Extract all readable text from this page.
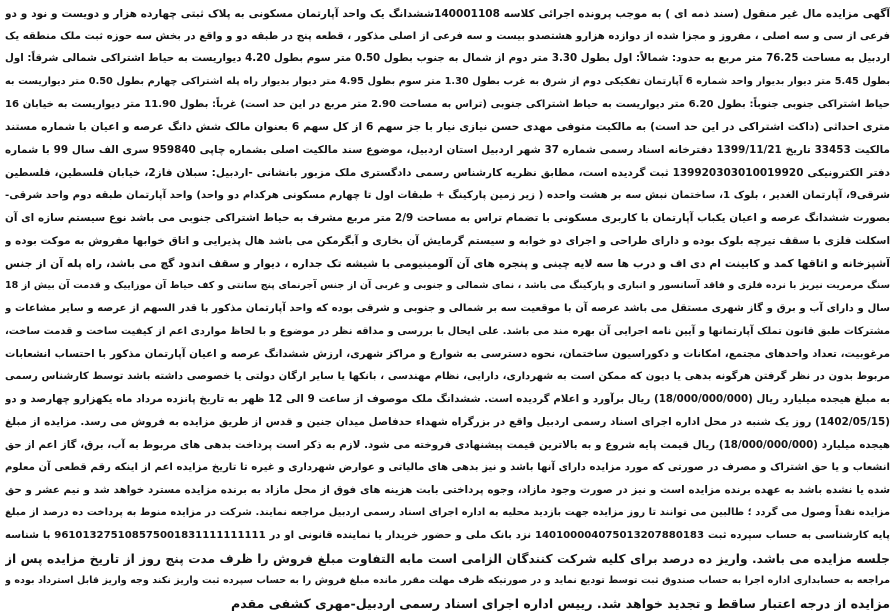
آگهی مزایده مال غیر منقول (سند ذمه ای ) به موجب پرونده اجرائی کلاسه 140001108ششدانگ یک واحد آپارتمان مسکونی به پلاک ثبتی چهارده هزار و دویست و نود و دو
فرعی از سی و سه اصلی ، مفروز و مجزا شده از دوازده هزارو هشتصدو بیست و سه فرعی از اصلی مذکور ، قطعه پنج در طبقه دو و واقع در بخش سه حوزه ثبت ملک منطقه یک
اردبیل به مساحت 76.25 متر مربع به حدود: شمالاً: اول بطول 3.30 متر دوم از شمال به جنوب بطول 0.50 متر سوم بطول 4.20 دیواریست به حیاط اشتراکی شمالی شرقاً: اول
بطول 5.45 متر دیوار بدیوار واحد شماره 6 آپارتمان تفکیکی دوم از شرق به غرب بطول 1.30 متر سوم بطول 4.95 متر دیوار بدیوار راه پله اشتراکی چهارم بطول 0.50 متر دیواریست به
حیاط اشتراکی جنوبی جنوباً: بطول 6.20 متر دیواریست به حیاط اشتراکی جنوبی (تراس به مساحت 2.90 متر مربع در این حد است) غرباً: بطول 11.90 متر دیواریست به خیابان 16
متری احداثی (داکت اشتراکی در این حد است) به مالکیت متوفی مهدی حسن نیازی نیار با جز سهم 6 از کل سهم 6 بعنوان مالک شش دانگ عرصه و اعیان با شماره مستند
مالکیت 33453 تاریخ 1399/11/21 دفترخانه اسناد رسمی شماره 37 شهر اردبیل استان اردبیل، موضوع سند مالکیت اصلی بشماره چاپی 959840 سری الف سال 99 با شماره
دفتر الکترونیکی 139920303010019920 ثبت گردیده است، مطابق نظریه کارشناس رسمی دادگستری ملک مزبور بانشانی -اردبیل: سبلان فاز2، خیابان فلسطین، فلسطین
شرقی9، آپارتمان الغدیر ، بلوک 1، ساختمان نبش سه بر هشت واحده ( زیر زمین پارکینگ + طبقات اول تا چهارم مسکونی هرکدام دو واحد) واحد آپارتمان طبقه دوم واحد شرقی-
بصورت ششدانگ عرصه و اعیان یکباب آپارتمان با کاربری مسکونی با تضمام تراس به مساحت 2/9 متر مربع مشرف به حیاط اشتراکی جنوبی می باشد نوع سیستم سازه ای آن
اسکلت فلزی با سقف تیرچه بلوک بوده و دارای طراحی و اجرای دو خوابه و سیستم گرمایش آن بخاری و آبگرمکن می باشد هال پذیرایی و اتاق خوابها مفروش به موکت بوده و
آشپزخانه و اتاقها کمد و کابینت ام دی اف و درب ها سه لایه چینی و پنجره های آن آلومینیومی با شیشه تک جداره ، دیوار و سقف اندود گچ می باشد، راه پله آن از جنس
سنگ مرمریت نیریز با نرده فلزی و فاقد آسانسور و انباری و پارکینگ می باشد ، نمای شمالی و جنوبی و غربی آن از جنس آجرنمای پنج سانتی و کف حیاط آن موزاییک و قدمت آن بیش از 18
سال و دارای آب و برق و گاز شهری مستقل می باشد عرصه آن با موقعیت سه بر شمالی و جنوبی و شرقی بوده که واحد آپارتمان مذکور با قدر السهم از عرصه و سایر مشاعات و
مشترکات طبق قانون تملک آپارتمانها و آیین نامه اجرایی آن بهره مند می باشد. علی ایحال با بررسی و مداقه نظر در موضوع و با لحاظ مواردی اعم از کیفیت ساخت و قدمت ساخت،
مرغوبیت، تعداد واحدهای مجتمع، امکانات و دکوراسیون ساختمان، نحوه دسترسی به شوارع و مراکز شهری، ارزش ششدانگ عرصه و اعیان آپارتمان مذکور با احتساب انشعابات
مربوط بدون در نظر گرفتن هرگونه بدهی یا دیون که ممکن است به شهرداری، دارایی، نظام مهندسی ، بانکها یا سایر ارگان دولتی یا خصوصی داشته باشد توسط کارشناس رسمی
به مبلغ هیجده میلیارد ریال (18/000/000/000) ریال برآورد و اعلام گردیده است. ششدانگ ملک موصوف از ساعت 9 الی 12 ظهر به تاریخ پانزده مرداد ماه یکهزارو چهارصد و دو
(1402/05/15) روز یک شنبه در محل اداره اجرای اسناد رسمی اردبیل واقع در بزرگراه شهداء حدفاصل میدان جنین و قدس از طریق مزایده به فروش می رسد. مزایده از مبلغ
هیجده میلیارد (18/000/000/000) ریال قیمت پایه شروع و به بالاترین قیمت پیشنهادی فروخته می شود. لازم به ذکر است پرداخت بدهی های مربوط به آب، برق، گاز اعم از حق
انشعاب و یا حق اشتراک و مصرف در صورتی که مورد مزایده دارای آنها باشد و نیز بدهی های مالیاتی و عوارض شهرداری و غیره تا تاریخ مزایده اعم از اینکه رقم قطعی آن معلوم
شده یا نشده باشد به عهده برنده مزایده است و نیز در صورت وجود مازاد، وجوه پرداختی بابت هزینه های فوق از محل مازاد به برنده مزایده مسترد خواهد شد و نیم عشر و حق
مزایده نقداً وصول می گردد ؛ طالبین می توانند تا روز مزایده جهت بازدید محلیه به اداره اجرای اسناد رسمی اردبیل مراجعه نمایند. شرکت در مزایده منوط به پرداخت ده درصد از مبلغ
پایه کارشناسی به حساب سپرده ثبت 140100004075013207880183 نزد بانک ملی و حضور خریدار یا نماینده قانونی او در 961013275108575001831111111111 با شناسه
جلسه مزایده می باشد. واریز ده درصد برای کلیه شرکت کنندگان الزامی است مابه التفاوت مبلغ فروش را ظرف مدت پنج روز از تاریخ مزایده پس از
مراجعه به حسابداری اداره اجرا به حساب صندوق ثبت توسط تودیع نماید و در صورتیکه ظرف مهلت مقرر مانده مبلغ فروش را به حساب سپرده ثبت واریز نکند وجه واریز قابل استرداد بوده و
مزایده از درجه اعتبار ساقط و تجدید خواهد شد. رییس اداره اجرای اسناد رسمی اردبیل-مهری کشفی مقدم
